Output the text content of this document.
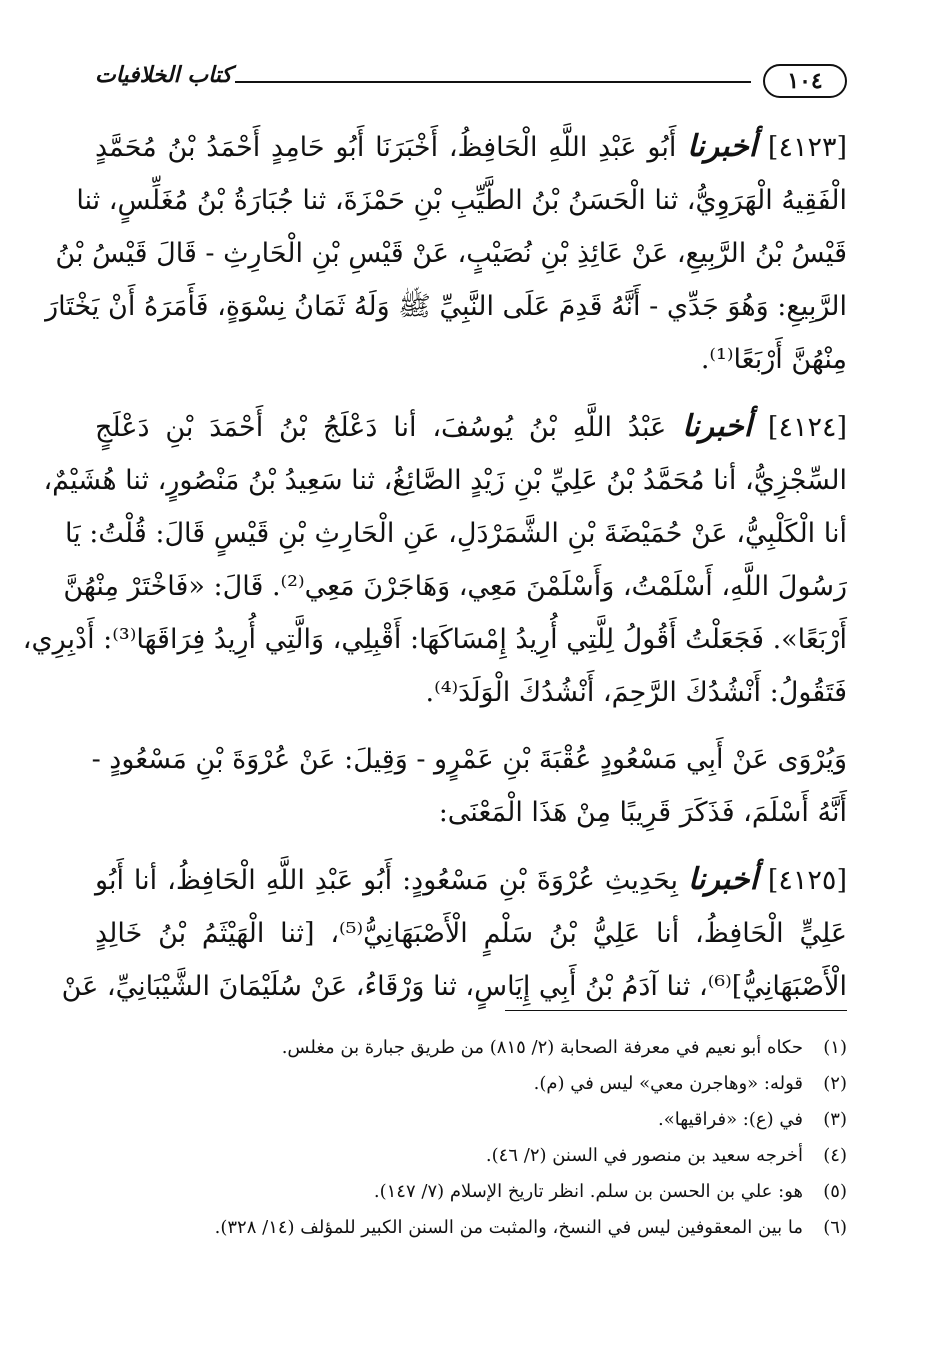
١٠٤
كتاب الخلافيات

[٤١٢٣] أخبرنا أَبُو عَبْدِ اللَّهِ الْحَافِظُ، أَخْبَرَنَا أَبُو حَامِدٍ أَحْمَدُ بْنُ مُحَمَّدٍ
الْفَقِيهُ الْهَرَوِيُّ، ثنا الْحَسَنُ بْنُ الطَّيِّبِ بْنِ حَمْزَةَ، ثنا جُبَارَةُ بْنُ مُغَلِّسٍ، ثنا
قَيْسُ بْنُ الرَّبِيعِ، عَنْ عَائِذِ بْنِ نُصَيْبٍ، عَنْ قَيْسِ بْنِ الْحَارِثِ - قَالَ قَيْسُ بْنُ
الرَّبِيعِ: وَهُوَ جَدِّي - أَنَّهُ قَدِمَ عَلَى النَّبِيِّ ﷺ وَلَهُ ثَمَانُ نِسْوَةٍ، فَأَمَرَهُ أَنْ يَخْتَارَ
مِنْهُنَّ أَرْبَعًا⁽¹⁾.

[٤١٢٤] أخبرنا عَبْدُ اللَّهِ بْنُ يُوسُفَ، أنا دَعْلَجُ بْنُ أَحْمَدَ بْنِ دَعْلَجٍ
السِّجْزِيُّ، أنا مُحَمَّدُ بْنُ عَلِيِّ بْنِ زَيْدٍ الصَّائِغُ، ثنا سَعِيدُ بْنُ مَنْصُورٍ، ثنا هُشَيْمٌ،
أنا الْكَلْبِيُّ، عَنْ حُمَيْضَةَ بْنِ الشَّمَرْدَلِ، عَنِ الْحَارِثِ بْنِ قَيْسٍ قَالَ: قُلْتُ: يَا
رَسُولَ اللَّهِ، أَسْلَمْتُ، وَأَسْلَمْنَ مَعِي، وَهَاجَرْنَ مَعِي⁽²⁾. قَالَ: «فَاخْتَرْ مِنْهُنَّ
أَرْبَعًا». فَجَعَلْتُ أَقُولُ لِلَّتِي أُرِيدُ إِمْسَاكَهَا: أَقْبِلِي، وَالَّتِي أُرِيدُ فِرَاقَهَا⁽³⁾: أَدْبِرِي،
فَتَقُولُ: أَنْشُدُكَ الرَّحِمَ، أَنْشُدُكَ الْوَلَدَ⁽⁴⁾.

وَيُرْوَى عَنْ أَبِي مَسْعُودٍ عُقْبَةَ بْنِ عَمْرٍو - وَقِيلَ: عَنْ عُرْوَةَ بْنِ مَسْعُودٍ -
أَنَّهُ أَسْلَمَ، فَذَكَرَ قَرِيبًا مِنْ هَذَا الْمَعْنَى:

[٤١٢٥] أخبرنا بِحَدِيثِ عُرْوَةَ بْنِ مَسْعُودٍ: أَبُو عَبْدِ اللَّهِ الْحَافِظُ، أنا أَبُو
عَلِيٍّ الْحَافِظُ، أنا عَلِيُّ بْنُ سَلْمٍ الْأَصْبَهَانِيُّ⁽⁵⁾، [ثنا الْهَيْثَمُ بْنُ خَالِدٍ
الْأَصْبَهَانِيُّ]⁽⁶⁾، ثنا آدَمُ بْنُ أَبِي إِيَاسٍ، ثنا وَرْقَاءُ، عَنْ سُلَيْمَانَ الشَّيْبَانِيِّ، عَنْ

(١)حكاه أبو نعيم في معرفة الصحابة (٢/ ٨١٥) من طريق جبارة بن مغلس.
(٢)قوله: «وهاجرن معي» ليس في (م).
(٣)في (ع): «فراقيها».
(٤)أخرجه سعيد بن منصور في السنن (٢/ ٤٦).
(٥)هو: علي بن الحسن بن سلم. انظر تاريخ الإسلام (٧/ ١٤٧).
(٦)ما بين المعقوفين ليس في النسخ، والمثبت من السنن الكبير للمؤلف (١٤/ ٣٢٨).
